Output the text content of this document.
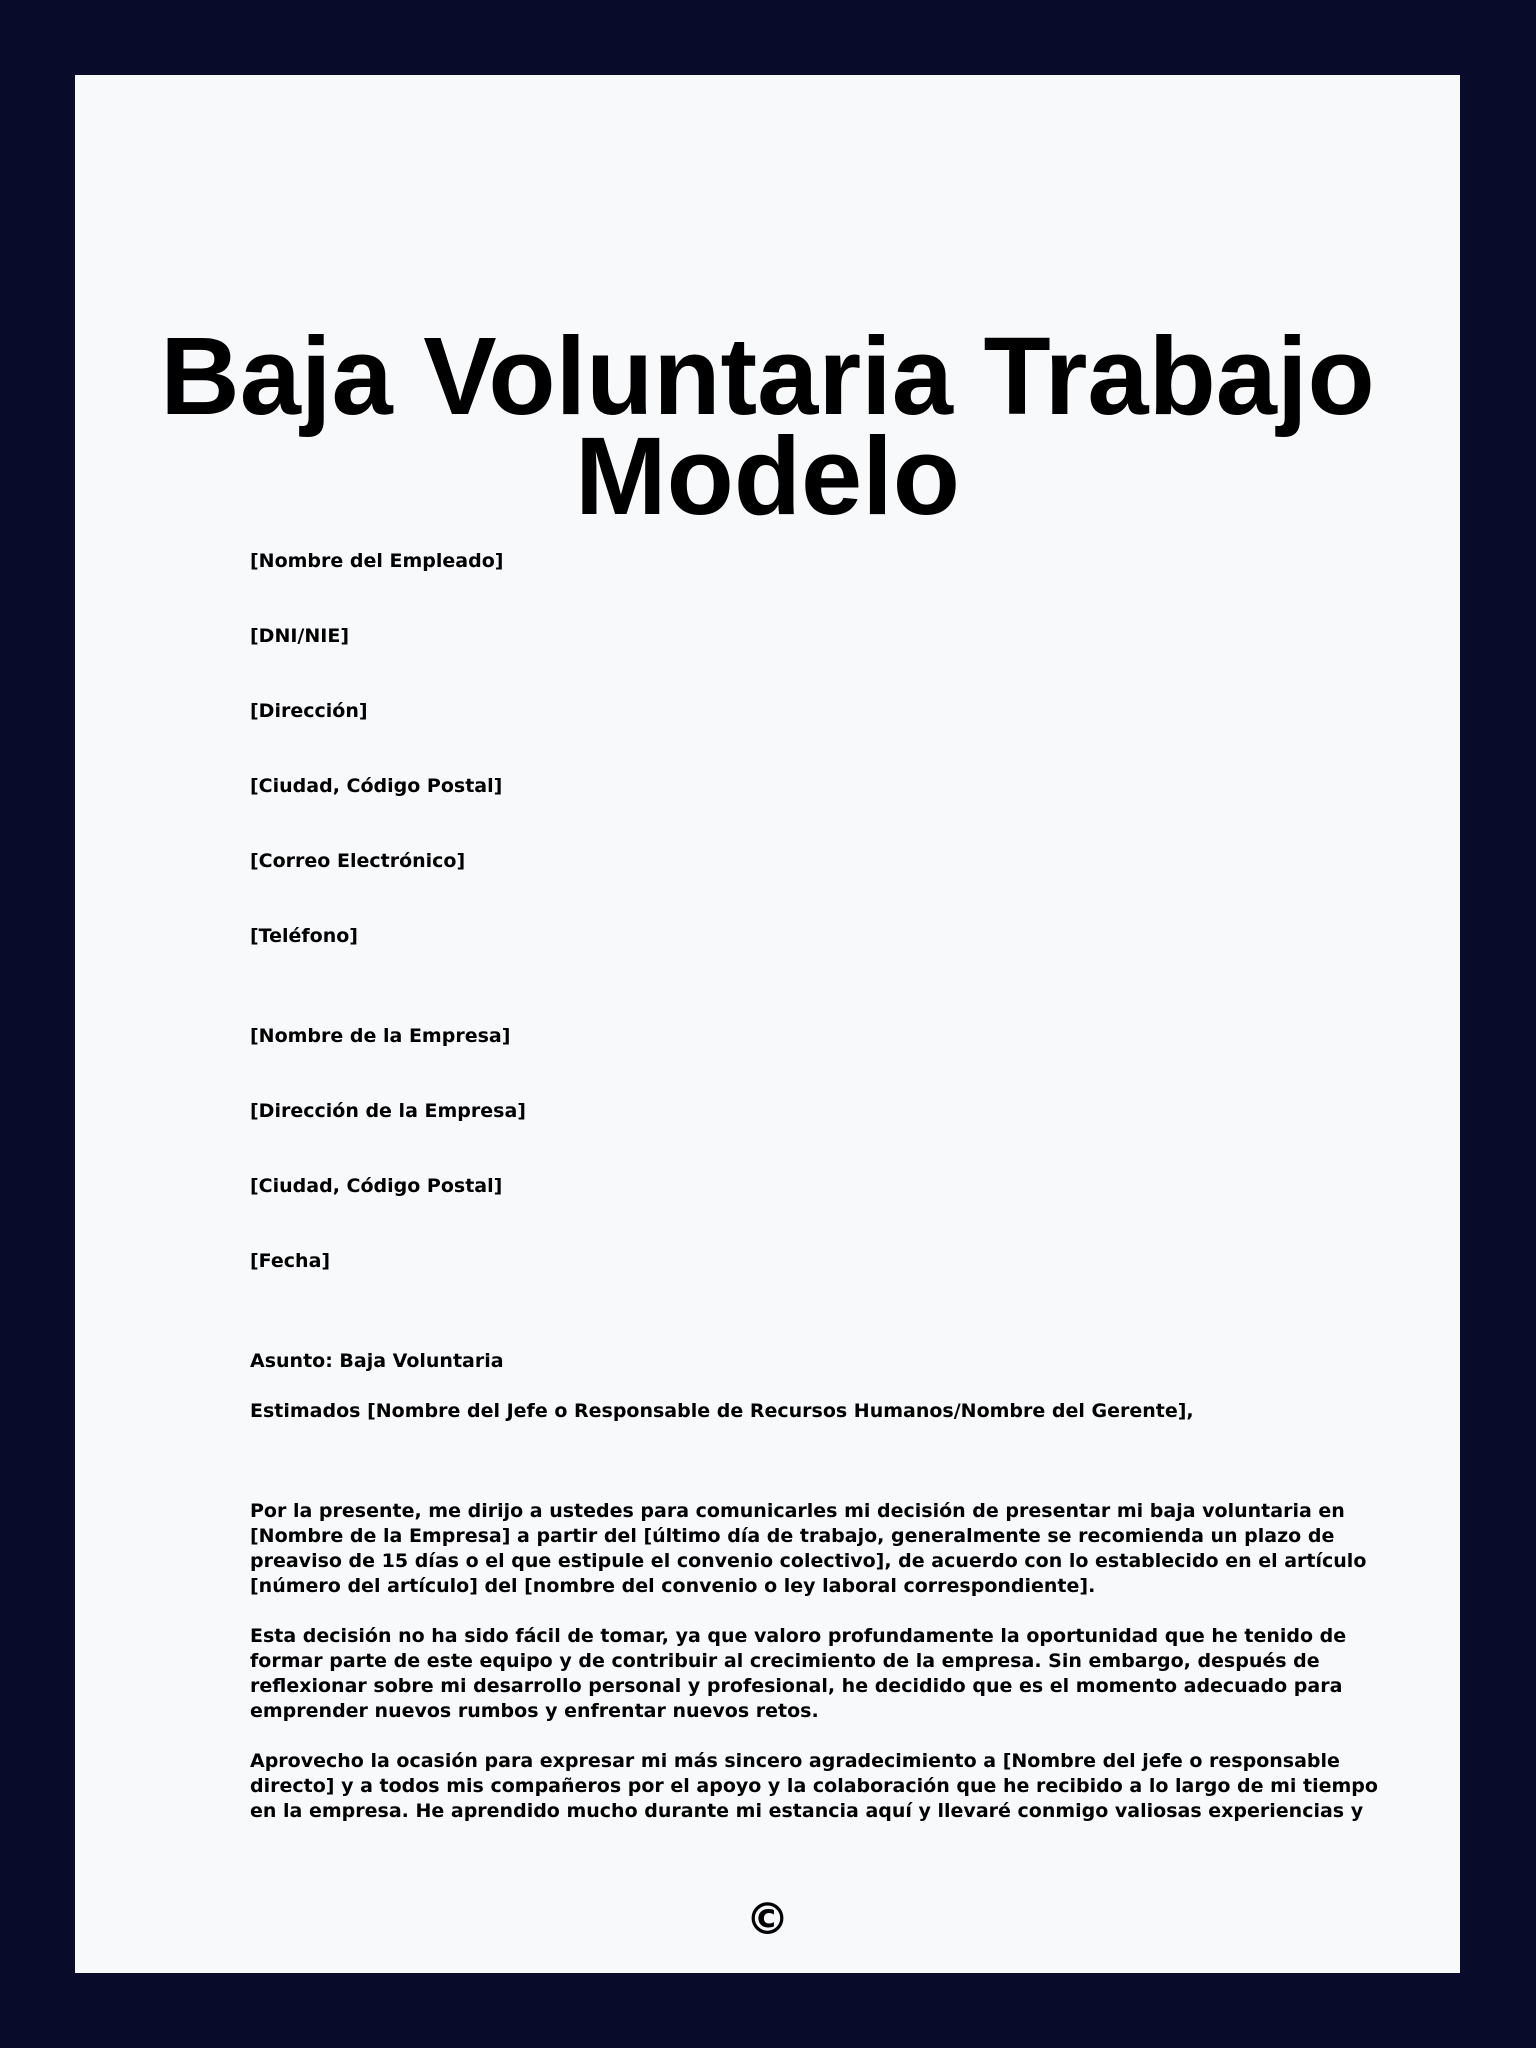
Baja Voluntaria Trabajo
Modelo
[Nombre del Empleado]
[DNI/NIE]
[Dirección]
[Ciudad, Código Postal]
[Correo Electrónico]
[Teléfono]
[Nombre de la Empresa]
[Dirección de la Empresa]
[Ciudad, Código Postal]
[Fecha]
Asunto: Baja Voluntaria
Estimados [Nombre del Jefe o Responsable de Recursos Humanos/Nombre del Gerente],
Por la presente, me dirijo a ustedes para comunicarles mi decisión de presentar mi baja voluntaria en
[Nombre de la Empresa] a partir del [último día de trabajo, generalmente se recomienda un plazo de
preaviso de 15 días o el que estipule el convenio colectivo], de acuerdo con lo establecido en el artículo
[número del artículo] del [nombre del convenio o ley laboral correspondiente].
Esta decisión no ha sido fácil de tomar, ya que valoro profundamente la oportunidad que he tenido de
formar parte de este equipo y de contribuir al crecimiento de la empresa. Sin embargo, después de
reflexionar sobre mi desarrollo personal y profesional, he decidido que es el momento adecuado para
emprender nuevos rumbos y enfrentar nuevos retos.
Aprovecho la ocasión para expresar mi más sincero agradecimiento a [Nombre del jefe o responsable
directo] y a todos mis compañeros por el apoyo y la colaboración que he recibido a lo largo de mi tiempo
en la empresa. He aprendido mucho durante mi estancia aquí y llevaré conmigo valiosas experiencias y
©
